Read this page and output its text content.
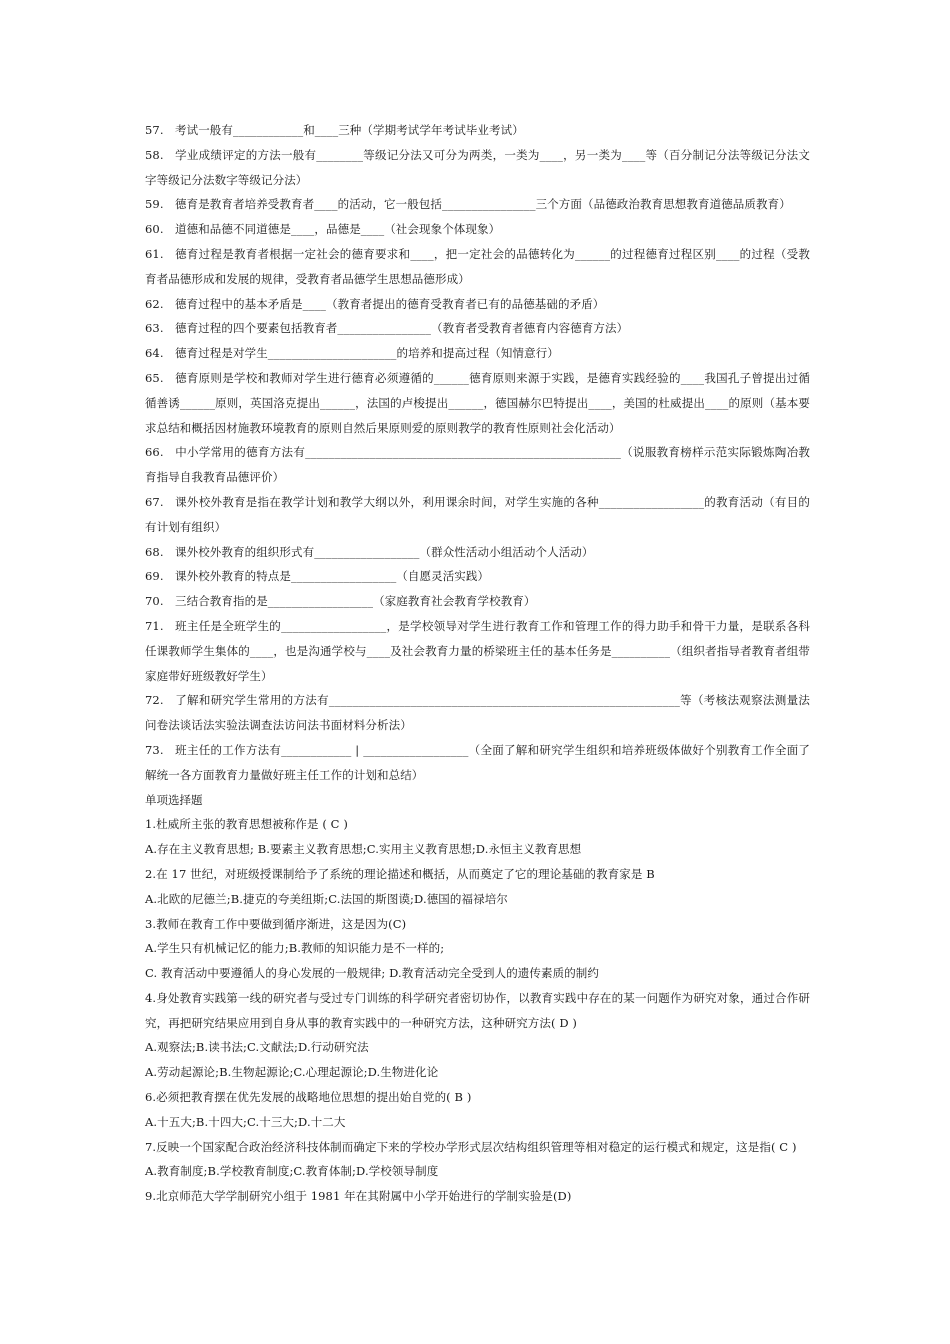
57. 考试一般有____________和____三种（学期考试学年考试毕业考试）

58. 学业成绩评定的方法一般有________等级记分法又可分为两类，一类为____，另一类为____等（百分制记分法等级记分法文字等级记分法数字等级记分法）

59. 德育是教育者培养受教育者____的活动，它一般包括________________三个方面（品德政治教育思想教育道德品质教育）

60. 道德和品德不同道德是____，品德是____（社会现象个体现象）

61. 德育过程是教育者根据一定社会的德育要求和____，把一定社会的品德转化为______的过程德育过程区别____的过程（受教育者品德形成和发展的规律，受教育者品德学生思想品德形成）

62. 德育过程中的基本矛盾是____（教育者提出的德育受教育者已有的品德基础的矛盾）

63. 德育过程的四个要素包括教育者________________（教育者受教育者德育内容德育方法）

64. 德育过程是对学生______________________的培养和提高过程（知情意行）

65. 德育原则是学校和教师对学生进行德育必须遵循的______德育原则来源于实践，是德育实践经验的____我国孔子曾提出过循循善诱______原则，英国洛克提出______，法国的卢梭提出______，德国赫尔巴特提出____，美国的杜威提出____的原则（基本要求总结和概括因材施教环境教育的原则自然后果原则爱的原则教学的教育性原则社会化活动）

66. 中小学常用的德育方法有______________________________________________________（说服教育榜样示范实际锻炼陶冶教育指导自我教育品德评价）

67. 课外校外教育是指在教学计划和教学大纲以外，利用课余时间，对学生实施的各种__________________的教育活动（有目的有计划有组织）

68. 课外校外教育的组织形式有__________________（群众性活动小组活动个人活动）

69. 课外校外教育的特点是__________________（自愿灵活实践）

70. 三结合教育指的是__________________（家庭教育社会教育学校教育）

71. 班主任是全班学生的__________________，是学校领导对学生进行教育工作和管理工作的得力助手和骨干力量，是联系各科任课教师学生集体的____，也是沟通学校与____及社会教育力量的桥梁班主任的基本任务是__________（组织者指导者教育者组带家庭带好班级教好学生）

72. 了解和研究学生常用的方法有____________________________________________________________等（考核法观察法测量法问卷法谈话法实验法调查法访问法书面材料分析法）

73. 班主任的工作方法有____________ | __________________（全面了解和研究学生组织和培养班级体做好个别教育工作全面了解统一各方面教育力量做好班主任工作的计划和总结）

单项选择题

1.杜威所主张的教育思想被称作是 ( C )

A.存在主义教育思想; B.要素主义教育思想;C.实用主义教育思想;D.永恒主义教育思想

2.在 17 世纪，对班级授课制给予了系统的理论描述和概括，从而奠定了它的理论基础的教育家是 B

A.北欧的尼德兰;B.捷克的夸美纽斯;C.法国的斯图谟;D.德国的福禄培尔

3.教师在教育工作中要做到循序渐进，这是因为(C)

A.学生只有机械记忆的能力;B.教师的知识能力是不一样的;

C. 教育活动中要遵循人的身心发展的一般规律; D.教育活动完全受到人的遗传素质的制约

4.身处教育实践第一线的研究者与受过专门训练的科学研究者密切协作，以教育实践中存在的某一问题作为研究对象，通过合作研究，再把研究结果应用到自身从事的教育实践中的一种研究方法，这种研究方法( D )

A.观察法;B.读书法;C.文献法;D.行动研究法

A.劳动起源论;B.生物起源论;C.心理起源论;D.生物进化论

6.必须把教育摆在优先发展的战略地位思想的提出始自党的( B )

A.十五大;B.十四大;C.十三大;D.十二大

7.反映一个国家配合政治经济科技体制而确定下来的学校办学形式层次结构组织管理等相对稳定的运行模式和规定，这是指( C )

A.教育制度;B.学校教育制度;C.教育体制;D.学校领导制度

9.北京师范大学学制研究小组于 1981 年在其附属中小学开始进行的学制实验是(D)
